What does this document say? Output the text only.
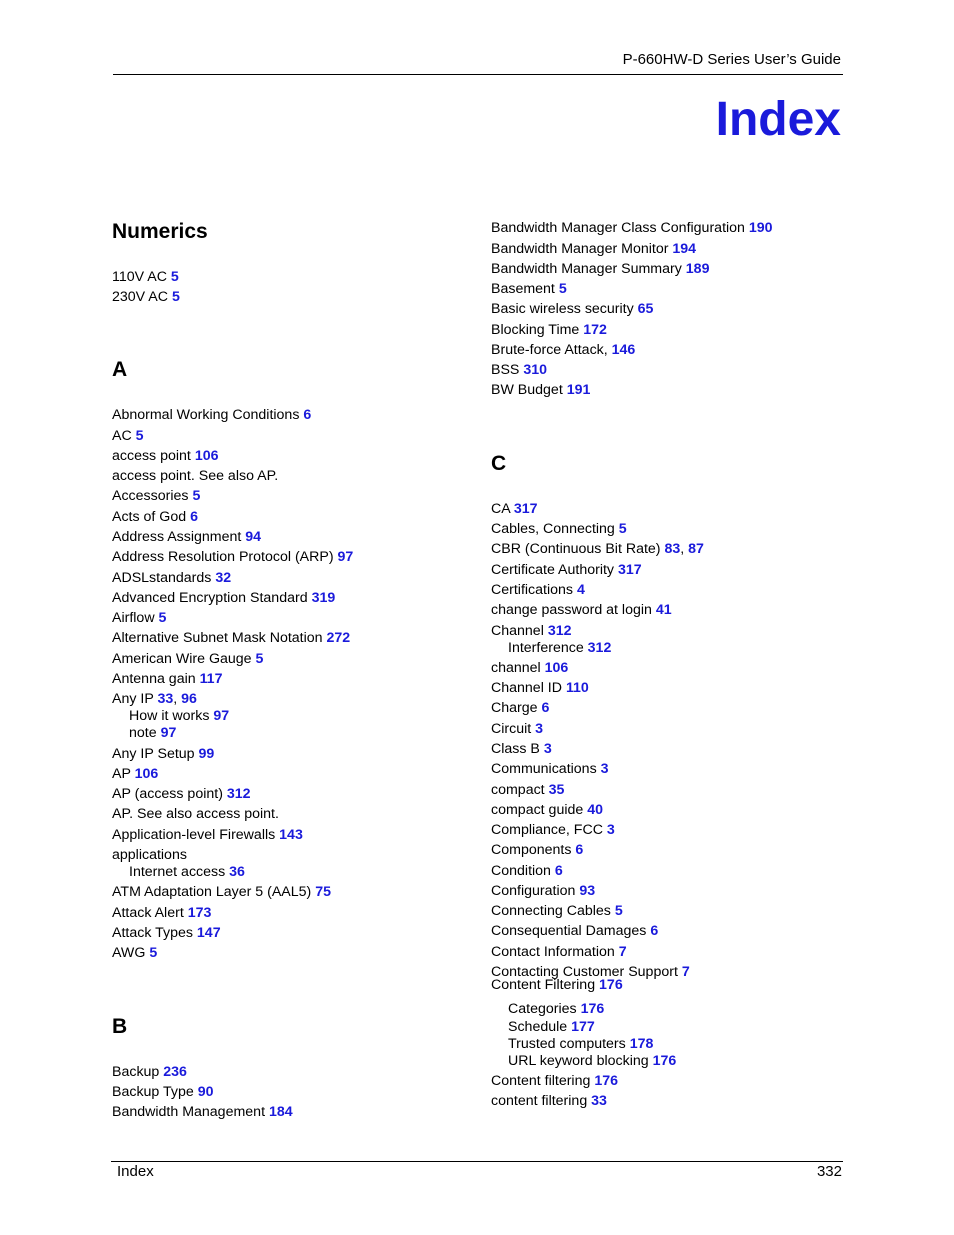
P-660HW-D Series User’s Guide
Index
Numerics
110V AC 5
230V AC 5
A
Abnormal Working Conditions 6
AC 5
access point 106
access point. See also AP.
Accessories 5
Acts of God 6
Address Assignment 94
Address Resolution Protocol (ARP) 97
ADSLstandards 32
Advanced Encryption Standard 319
Airflow 5
Alternative Subnet Mask Notation 272
American Wire Gauge 5
Antenna gain 117
Any IP 33, 96
How it works 97
note 97
Any IP Setup 99
AP 106
AP (access point) 312
AP. See also access point.
Application-level Firewalls 143
applications
Internet access 36
ATM Adaptation Layer 5 (AAL5) 75
Attack Alert 173
Attack Types 147
AWG 5
B
Backup 236
Backup Type 90
Bandwidth Management 184
Bandwidth Manager Class Configuration 190
Bandwidth Manager Monitor 194
Bandwidth Manager Summary 189
Basement 5
Basic wireless security 65
Blocking Time 172
Brute-force Attack, 146
BSS 310
BW Budget 191
C
CA 317
Cables, Connecting 5
CBR (Continuous Bit Rate) 83, 87
Certificate Authority 317
Certifications 4
change password at login 41
Channel 312
Interference 312
channel 106
Channel ID 110
Charge 6
Circuit 3
Class B 3
Communications 3
compact 35
compact guide 40
Compliance, FCC 3
Components 6
Condition 6
Configuration 93
Connecting Cables 5
Consequential Damages 6
Contact Information 7
Contacting Customer Support 7
Content Filtering 176
Categories 176
Schedule 177
Trusted computers 178
URL keyword blocking 176
Content filtering 176
content filtering 33
Index	332
